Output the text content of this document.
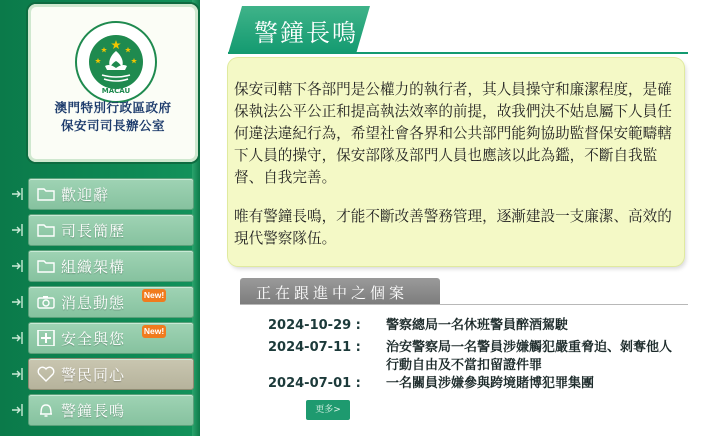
MACAU
澳門特別行政區政府
保安司司長辦公室
歡迎辭
司長簡歷
組織架構
消息動態 New!
安全與您 New!
警民同心
警鐘長鳴
警鐘長鳴
保安司轄下各部門是公權力的執行者，其人員操守和廉潔程度，是確保執法公平公正和提高執法效率的前提，故我們決不姑息屬下人員任何違法違紀行為，希望社會各界和公共部門能夠協助監督保安範疇轄下人員的操守，保安部隊及部門人員也應該以此為鑑，不斷自我監督、自我完善。
唯有警鐘長鳴，才能不斷改善警務管理，逐漸建設一支廉潔、高效的現代警察隊伍。
正在跟進中之個案
2024-10-29 :	警察總局一名休班警員醉酒駕駛
2024-07-11 :	治安警察局一名警員涉嫌觸犯嚴重脅迫、剝奪他人行動自由及不當扣留證件罪
2024-07-01 :	一名關員涉嫌參與跨境賭博犯罪集團
更多>
